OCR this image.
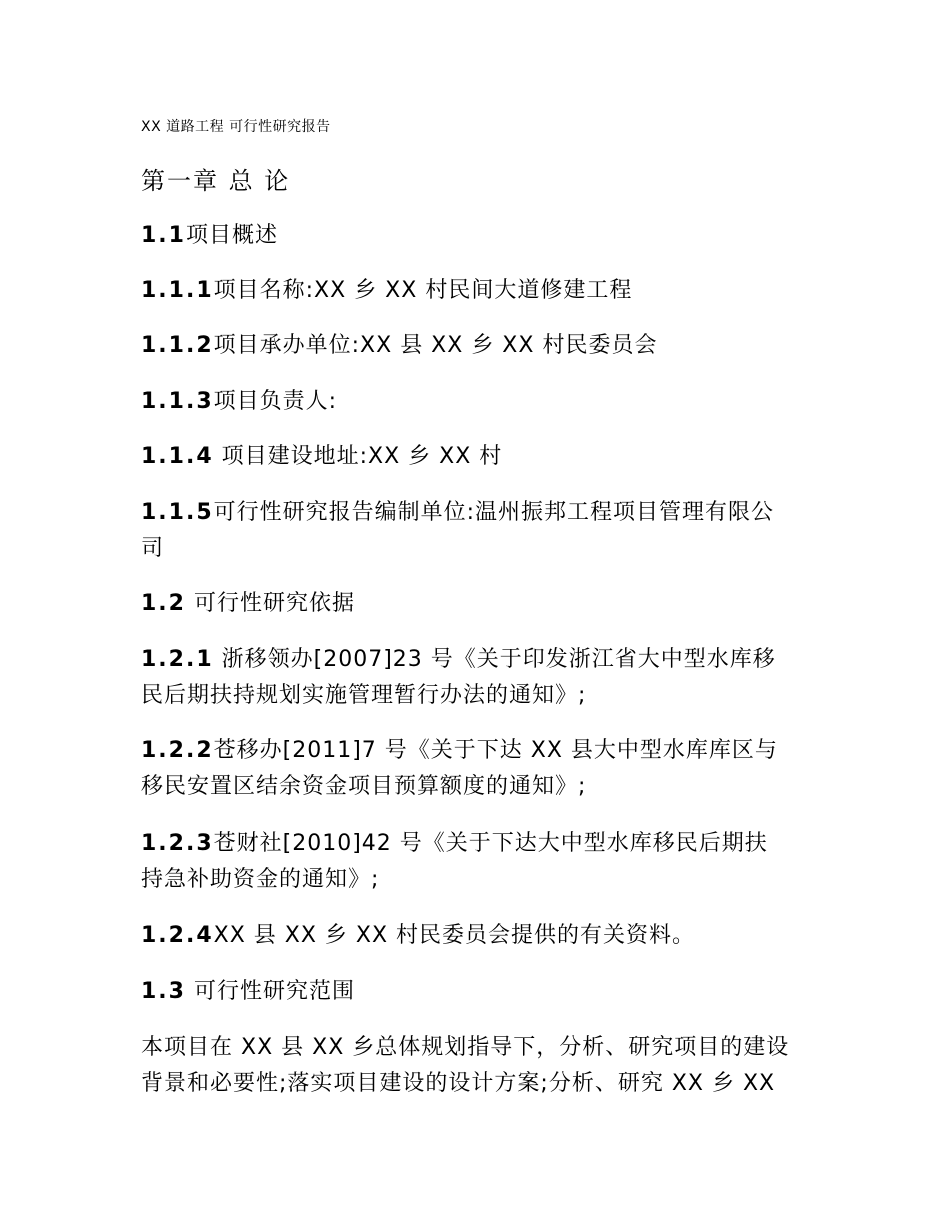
XX 道路工程 可行性研究报告
第一章 总 论
1.1项目概述
1.1.1项目名称:XX 乡 XX 村民间大道修建工程
1.1.2项目承办单位:XX 县 XX 乡 XX 村民委员会
1.1.3项目负责人:
1.1.4 项目建设地址:XX 乡 XX 村
1.1.5可行性研究报告编制单位:温州振邦工程项目管理有限公
司
1.2 可行性研究依据
1.2.1 浙移领办[2007]23 号《关于印发浙江省大中型水库移
民后期扶持规划实施管理暂行办法的通知》;
1.2.2苍移办[2011]7 号《关于下达 XX 县大中型水库库区与
移民安置区结余资金项目预算额度的通知》;
1.2.3苍财社[2010]42 号《关于下达大中型水库移民后期扶
持急补助资金的通知》;
1.2.4XX 县 XX 乡 XX 村民委员会提供的有关资料。
1.3 可行性研究范围
本项目在 XX 县 XX 乡总体规划指导下，分析、研究项目的建设
背景和必要性;落实项目建设的设计方案;分析、研究 XX 乡 XX
